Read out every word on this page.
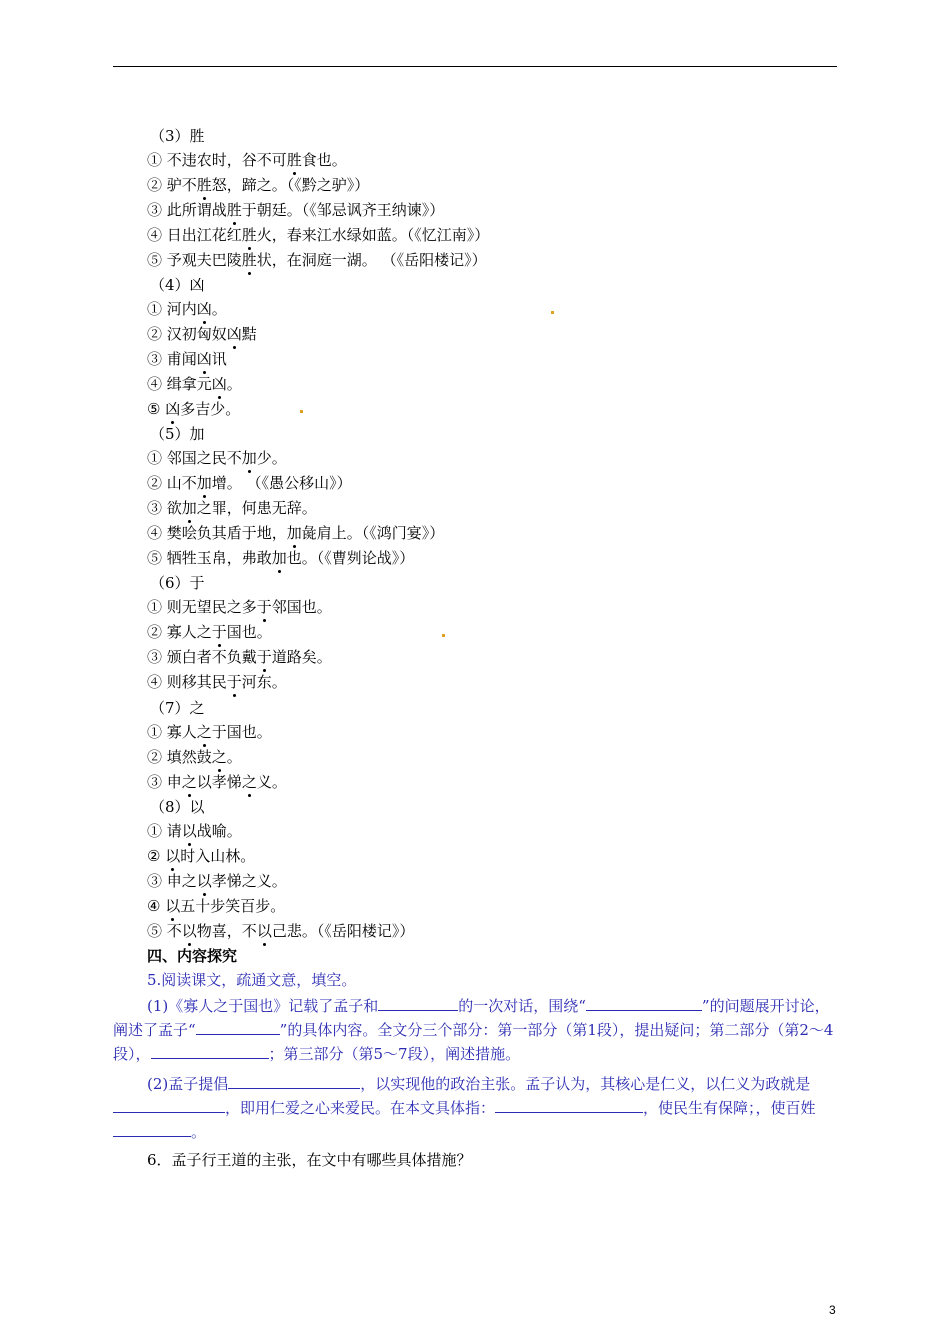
（3）胜
① 不违农时，谷不可胜食也。
② 驴不胜怒，蹄之。（《黔之驴》）
③ 此所谓战胜于朝廷。（《邹忌讽齐王纳谏》）
④ 日出江花红胜火，春来江水绿如蓝。（《忆江南》）
⑤ 予观夫巴陵胜状，在洞庭一湖。 （《岳阳楼记》）
（4）凶
① 河内凶。
② 汉初匈奴凶黠
③ 甫闻凶讯
④ 缉拿元凶。
⑤ 凶多吉少。
（5）加
① 邻国之民不加少。
② 山不加增。 （《愚公移山》）
③ 欲加之罪，何患无辞。
④ 樊哙负其盾于地，加彘肩上。（《鸿门宴》）
⑤ 牺牲玉帛，弗敢加也。（《曹刿论战》）
（6）于
① 则无望民之多于邻国也。
② 寡人之于国也。
③ 颁白者不负戴于道路矣。
④ 则移其民于河东。
（7）之
① 寡人之于国也。
② 填然鼓之。
③ 申之以孝悌之义。
（8）以
① 请以战喻。
② 以时入山林。
③ 申之以孝悌之义。
④ 以五十步笑百步。
⑤ 不以物喜，不以己悲。（《岳阳楼记》）
四、内容探究
5.阅读课文，疏通文意，填空。
(1)《寡人之于国也》记载了孟子和	的一次对话，围绕“	”的问题展开讨论，阐述了孟子“	”的具体内容。全文分三个部分：第一部分（第1段），提出疑问；第二部分（第2～4段），	；第三部分（第5～7段），阐述措施。
(2)孟子提倡	，以实现他的政治主张。孟子认为，其核心是仁义，以仁义为政就是，即用仁爱之心来爱民。在本文具体指：	，使民生有保障；，使百姓。
6．孟子行王道的主张，在文中有哪些具体措施？
3
